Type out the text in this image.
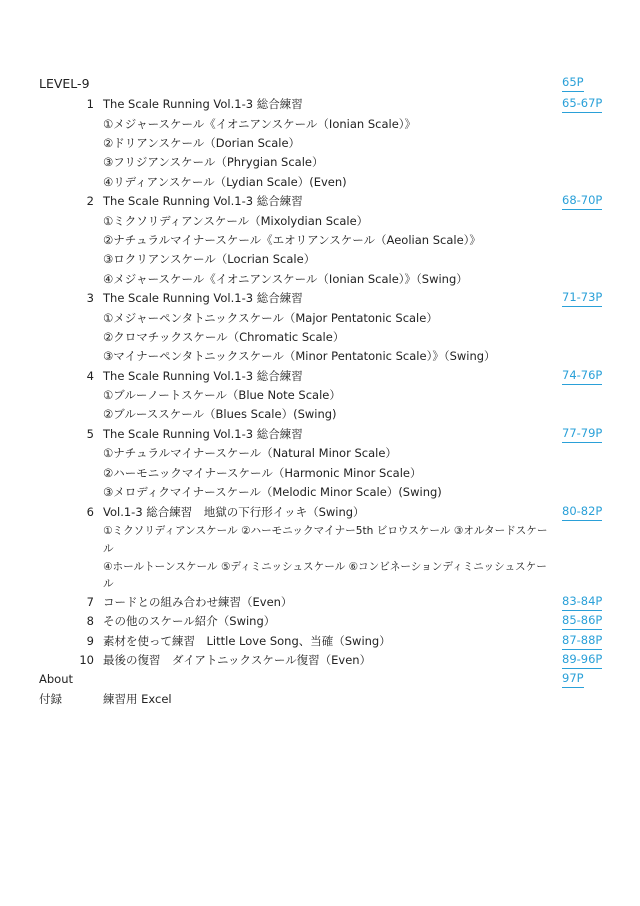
LEVEL-9	65P
1 The Scale Running Vol.1-3 総合練習	65-67P
①メジャースケール《イオニアンスケール（Ionian Scale）》
②ドリアンスケール（Dorian Scale）
③フリジアンスケール（Phrygian Scale）
④リディアンスケール（Lydian Scale）(Even)
2 The Scale Running Vol.1-3 総合練習	68-70P
①ミクソリディアンスケール（Mixolydian Scale）
②ナチュラルマイナースケール《エオリアンスケール（Aeolian Scale）》
③ロクリアンスケール（Locrian Scale）
④メジャースケール《イオニアンスケール（Ionian Scale）》（Swing）
3 The Scale Running Vol.1-3 総合練習	71-73P
①メジャーペンタトニックスケール（Major Pentatonic Scale）
②クロマチックスケール（Chromatic Scale）
③マイナーペンタトニックスケール（Minor Pentatonic Scale）》（Swing）
4 The Scale Running Vol.1-3 総合練習	74-76P
①ブルーノートスケール（Blue Note Scale）
②ブルーススケール（Blues Scale）(Swing)
5 The Scale Running Vol.1-3 総合練習	77-79P
①ナチュラルマイナースケール（Natural Minor Scale）
②ハーモニックマイナースケール（Harmonic Minor Scale）
③メロディクマイナースケール（Melodic Minor Scale）(Swing)
6 Vol.1-3 総合練習　地獄の下行形イッキ（Swing）	80-82P
①ミクソリディアンスケール ②ハーモニックマイナー5th ビロウスケール ③オルタードスケー
ル
④ホールトーンスケール ⑤ディミニッシュスケール ⑥コンビネーションディミニッシュスケー
ル
7 コードとの組み合わせ練習（Even）	83-84P
8 その他のスケール紹介（Swing）	85-86P
9 素材を使って練習　Little Love Song、当確（Swing）	87-88P
10 最後の復習　ダイアトニックスケール復習（Even）	89-96P
About	97P
付録	練習用 Excel
